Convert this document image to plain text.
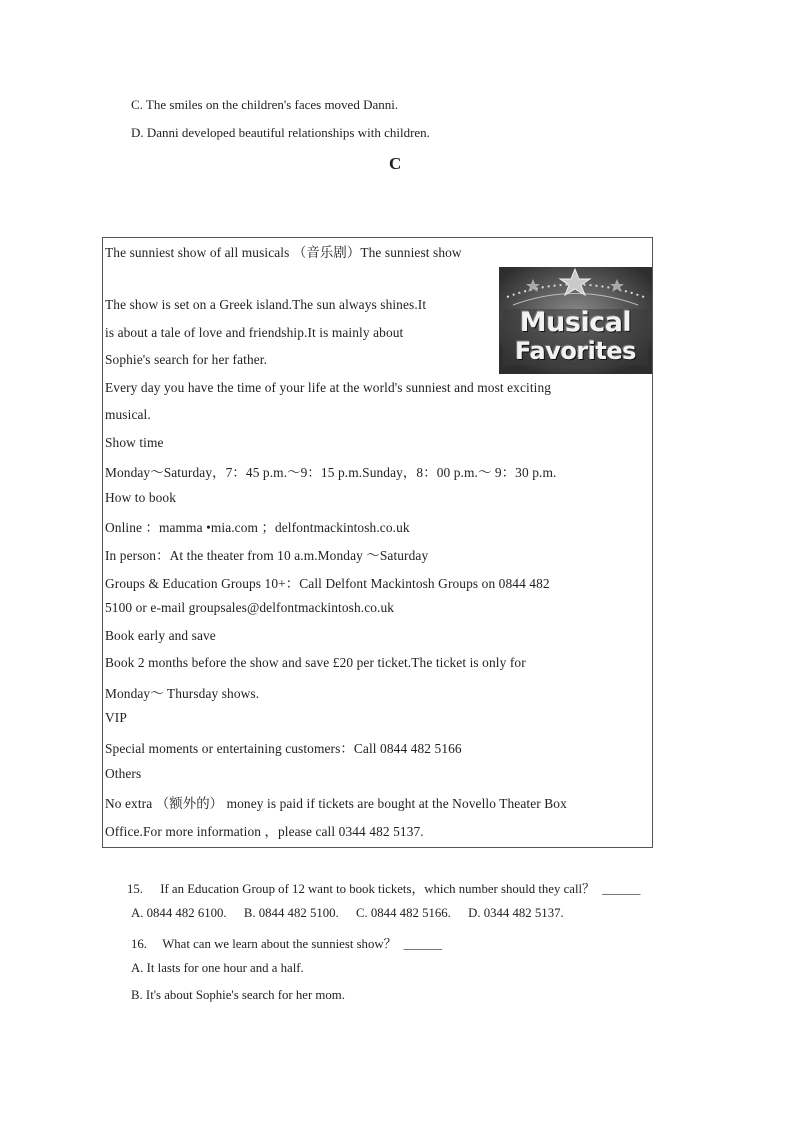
C. The smiles on the children's faces moved Danni.
D. Danni developed beautiful relationships with children.
C
The sunniest show of all musicals （音乐剧）The sunniest show
Musical
Favorites
The show is set on a Greek island.The sun always shines.It
is about a tale of love and friendship.It is mainly about
Sophie's search for her father.
Every day you have the time of your life at the world's sunniest and most exciting
musical.
Show time
Monday～Saturday，7：45 p.m.～9：15 p.m.Sunday，8：00 p.m.～ 9：30 p.m.
How to book
Online ：mamma •mia.com ；delfontmackintosh.co.uk
In person：At the theater from 10 a.m.Monday ～Saturday
Groups & Education Groups 10+：Call Delfont Mackintosh Groups on 0844 482
5100 or e-mail groupsales@delfontmackintosh.co.uk
Book early and save
Book 2 months before the show and save £20 per ticket.The ticket is only for
Monday～ Thursday shows.
VIP
Special moments or entertaining customers：Call 0844 482 5166
Others
No extra （额外的） money is paid if tickets are bought at the Novello Theater Box
Office.For more information ，please call 0344 482 5137.
15. If an Education Group of 12 want to book tickets，which number should they call？ ______
A. 0844 482 6100. B. 0844 482 5100. C. 0844 482 5166. D. 0344 482 5137.
16. What can we learn about the sunniest show？ ______
A. It lasts for one hour and a half.
B. It's about Sophie's search for her mom.
